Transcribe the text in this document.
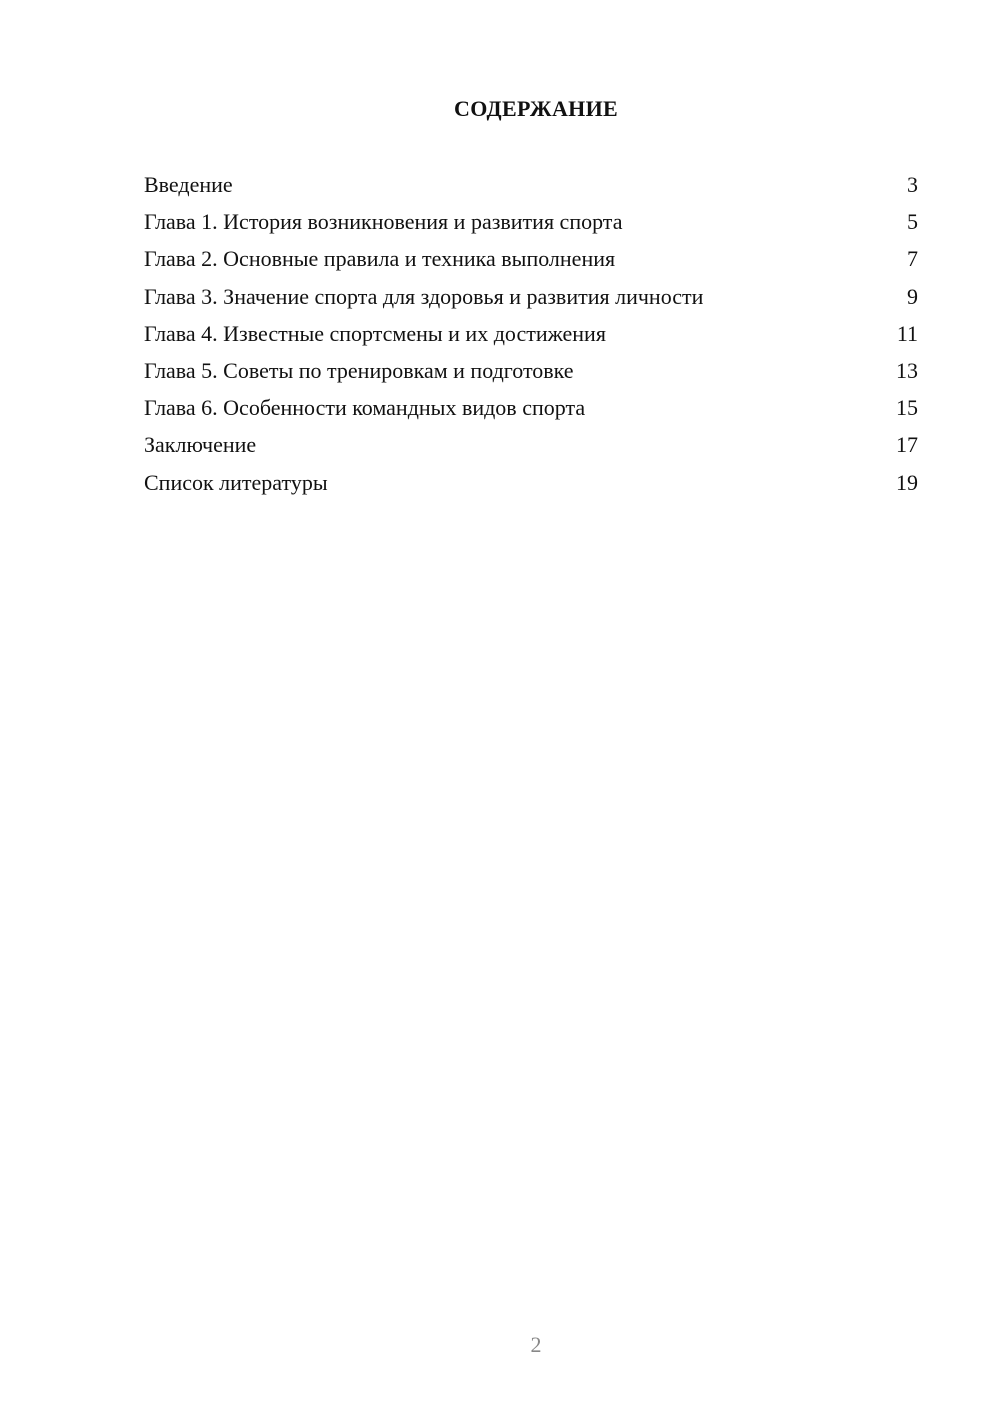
СОДЕРЖАНИЕ
Введение	3
Глава 1. История возникновения и развития спорта	5
Глава 2. Основные правила и техника выполнения	7
Глава 3. Значение спорта для здоровья и развития личности	9
Глава 4. Известные спортсмены и их достижения	11
Глава 5. Советы по тренировкам и подготовке	13
Глава 6. Особенности командных видов спорта	15
Заключение	17
Список литературы	19
2
